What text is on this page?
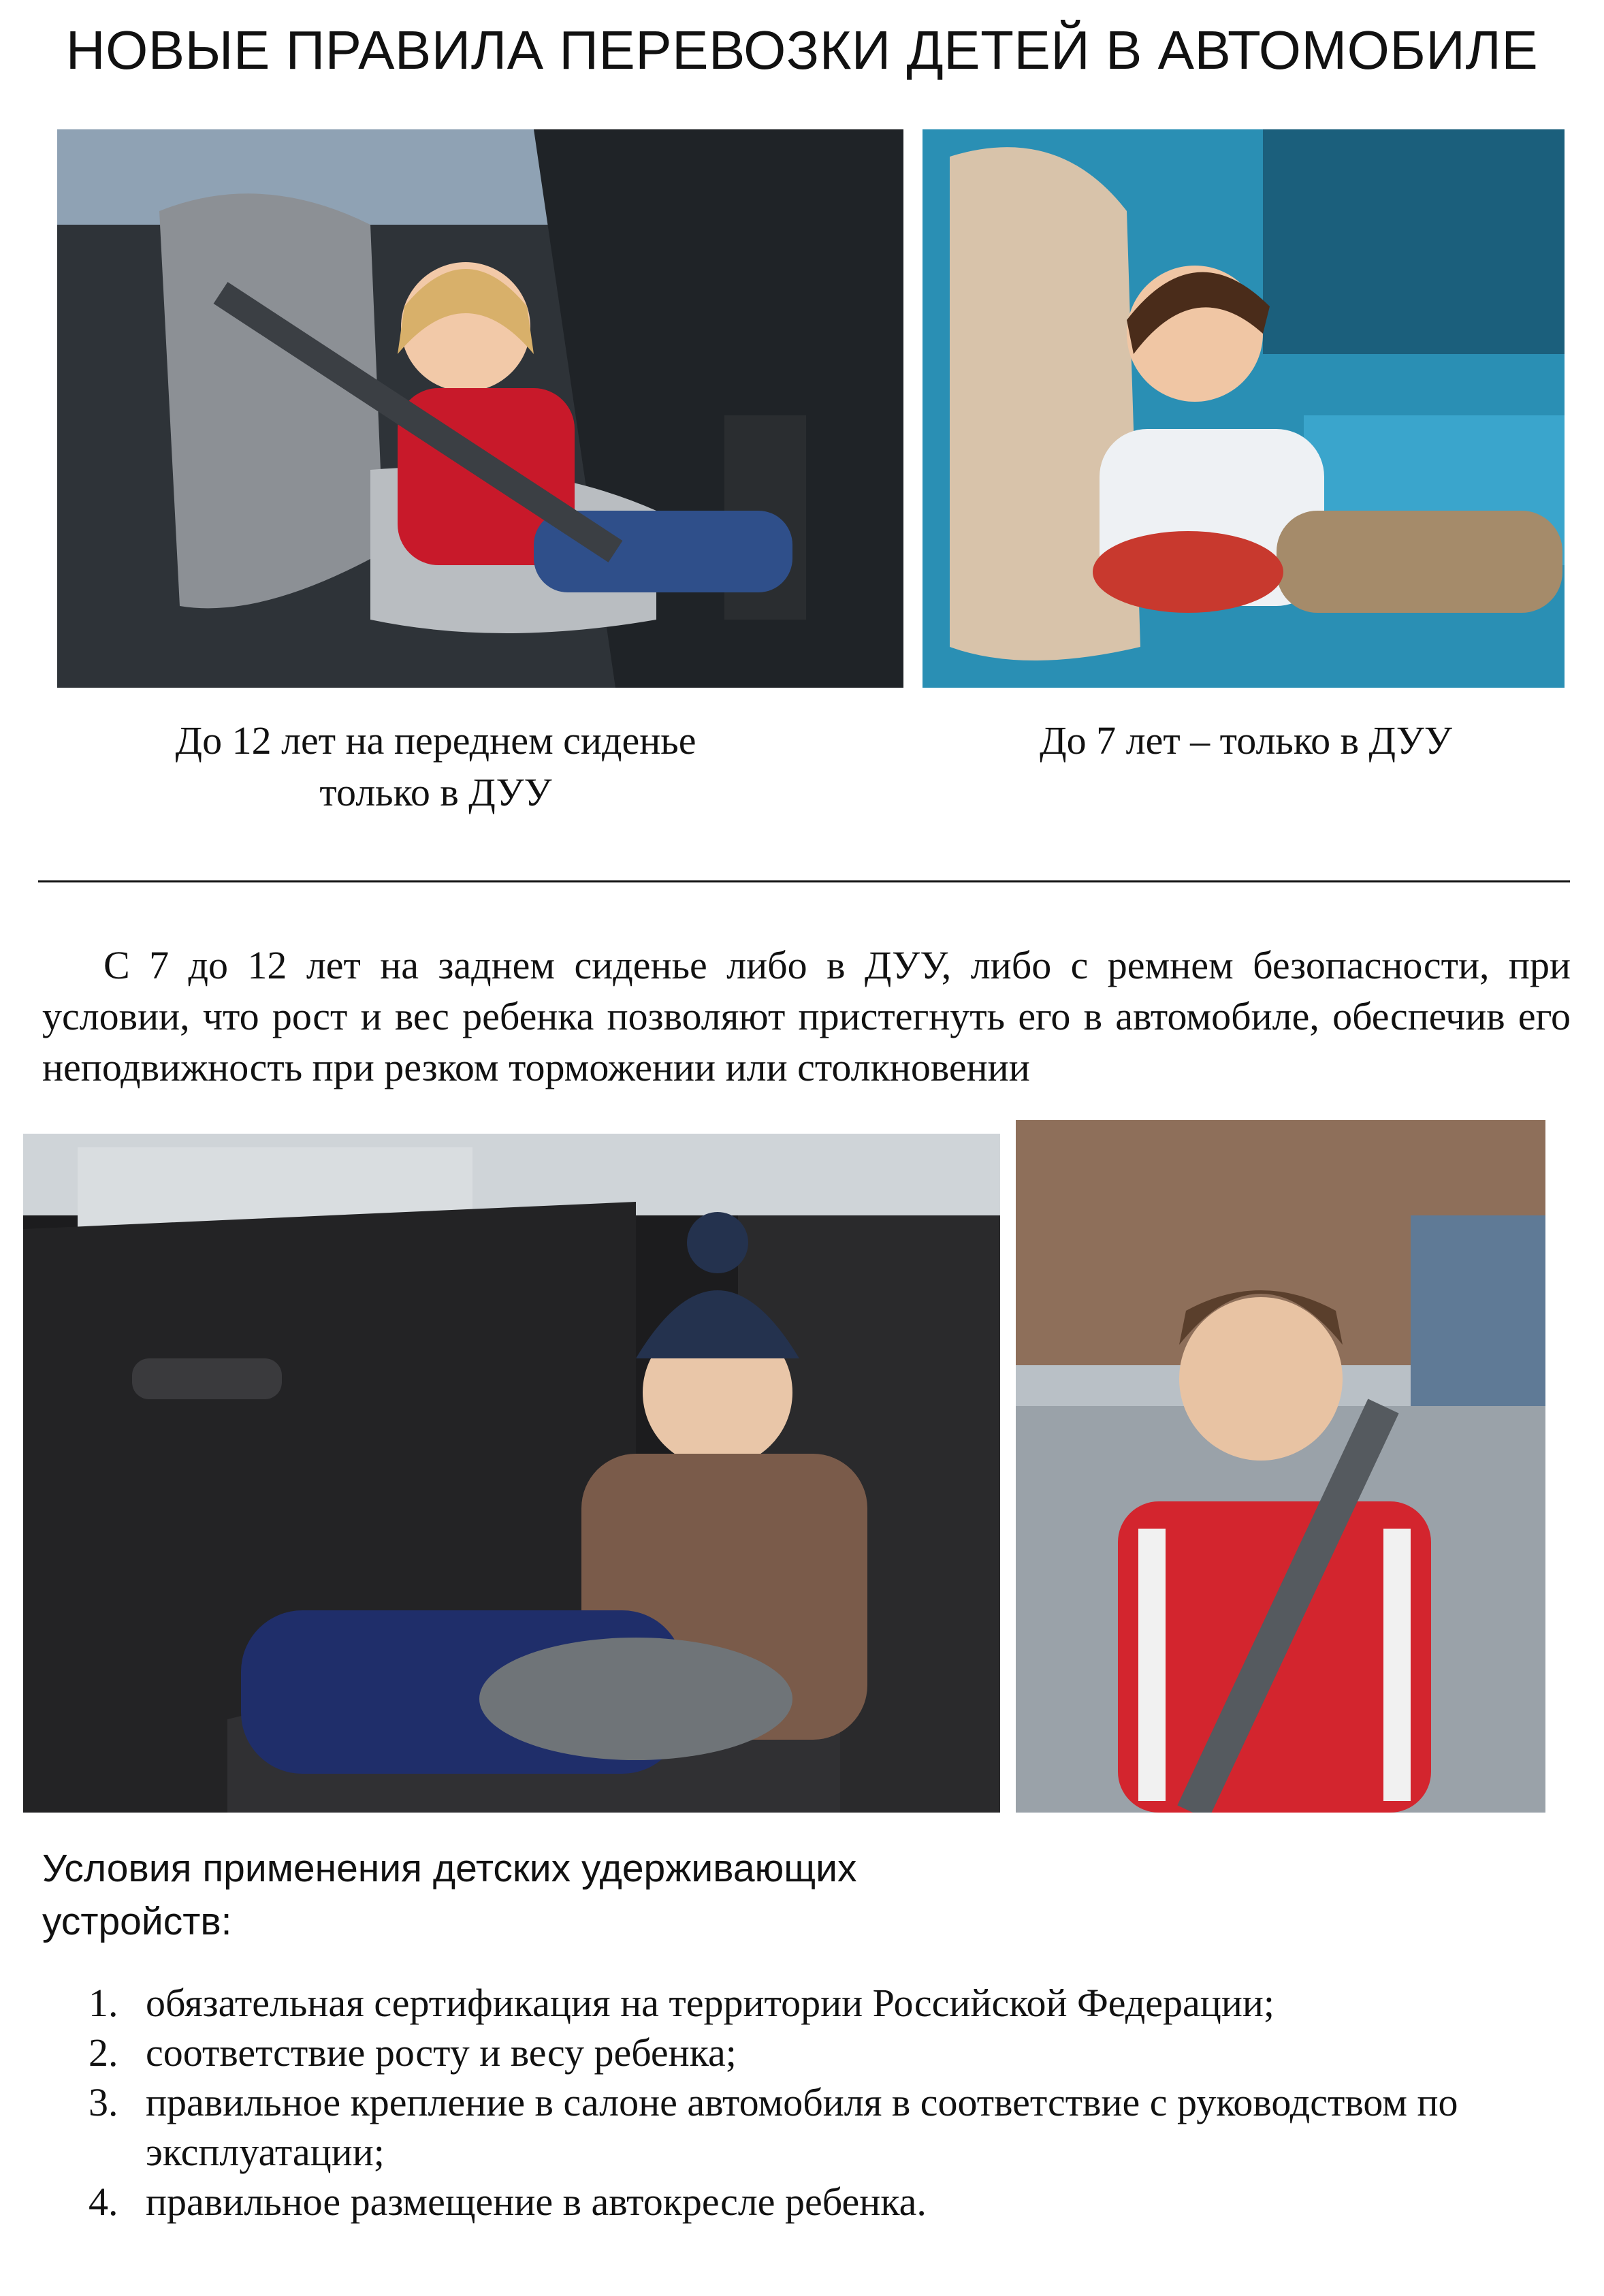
НОВЫЕ ПРАВИЛА ПЕРЕВОЗКИ ДЕТЕЙ В АВТОМОБИЛЕ
До 12 лет на переднем сиденье
только в ДУУ
До 7 лет – только в ДУУ
С 7 до 12 лет на заднем сиденье либо в ДУУ, либо с ремнем безопасности, при условии, что рост и вес ребенка позволяют пристегнуть его в автомобиле, обеспечив его неподвижность при резком торможении или столкновении
Условия применения детских удерживающих устройств:
1. обязательная сертификация на территории Российской Федерации;
2. соответствие росту и весу ребенка;
3. правильное крепление в салоне автомобиля в соответствие с руководством по эксплуатации;
4. правильное размещение в автокресле ребенка.
